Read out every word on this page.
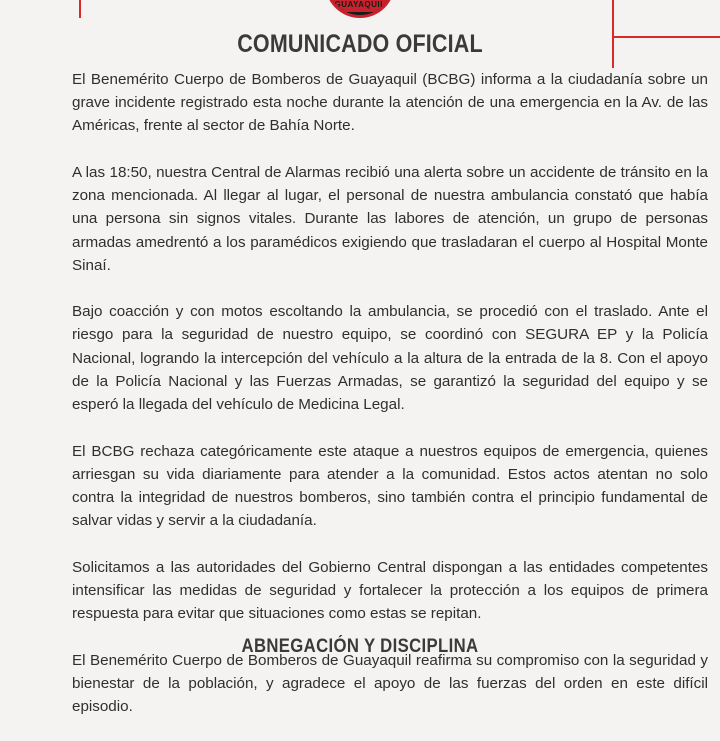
GUAYAQUIL
COMUNICADO OFICIAL

El Benemérito Cuerpo de Bomberos de Guayaquil (BCBG) informa a la ciudadanía sobre un grave incidente registrado esta noche durante la atención de una emergencia en la Av. de las Américas, frente al sector de Bahía Norte.

A las 18:50, nuestra Central de Alarmas recibió una alerta sobre un accidente de tránsito en la zona mencionada. Al llegar al lugar, el personal de nuestra ambulancia constató que había una persona sin signos vitales. Durante las labores de atención, un grupo de personas armadas amedrentó a los paramédicos exigiendo que trasladaran el cuerpo al Hospital Monte Sinaí.

Bajo coacción y con motos escoltando la ambulancia, se procedió con el traslado. Ante el riesgo para la seguridad de nuestro equipo, se coordinó con SEGURA EP y la Policía Nacional, logrando la intercepción del vehículo a la altura de la entrada de la 8. Con el apoyo de la Policía Nacional y las Fuerzas Armadas, se garantizó la seguridad del equipo y se esperó la llegada del vehículo de Medicina Legal.

El BCBG rechaza categóricamente este ataque a nuestros equipos de emergencia, quienes arriesgan su vida diariamente para atender a la comunidad. Estos actos atentan no solo contra la integridad de nuestros bomberos, sino también contra el principio fundamental de salvar vidas y servir a la ciudadanía.

Solicitamos a las autoridades del Gobierno Central dispongan a las entidades competentes intensificar las medidas de seguridad y fortalecer la protección a los equipos de primera respuesta para evitar que situaciones como estas se repitan.

El Benemérito Cuerpo de Bomberos de Guayaquil reafirma su compromiso con la seguridad y bienestar de la población, y agradece el apoyo de las fuerzas del orden en este difícil episodio.

ABNEGACIÓN Y DISCIPLINA
